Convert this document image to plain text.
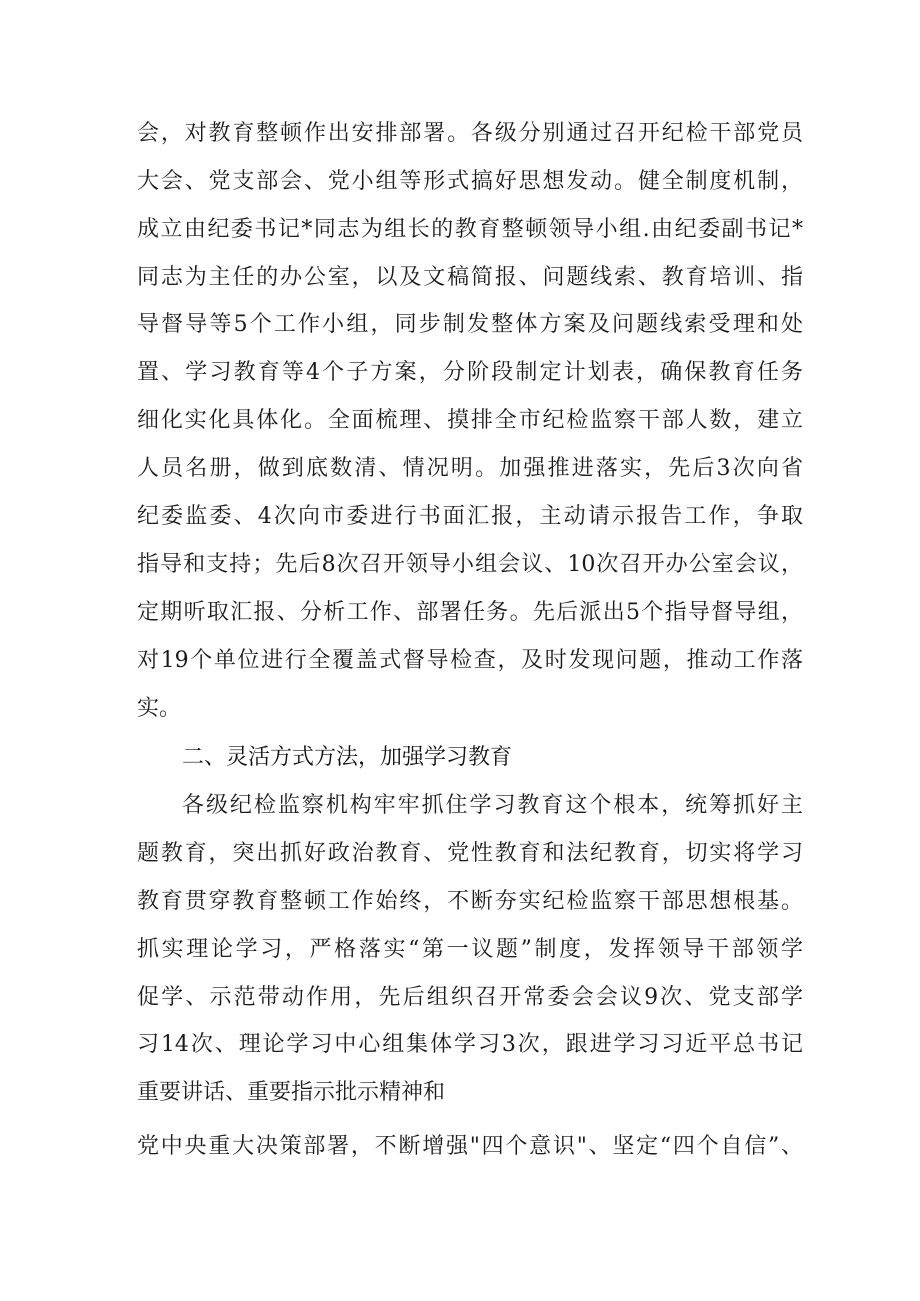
会，对教育整顿作出安排部署。各级分别通过召开纪检干部党员
大会、党支部会、党小组等形式搞好思想发动。健全制度机制，
成立由纪委书记*同志为组长的教育整顿领导小组.由纪委副书记*
同志为主任的办公室，以及文稿简报、问题线索、教育培训、指
导督导等5个工作小组，同步制发整体方案及问题线索受理和处
置、学习教育等4个子方案，分阶段制定计划表，确保教育任务
细化实化具体化。全面梳理、摸排全市纪检监察干部人数，建立
人员名册，做到底数清、情况明。加强推进落实，先后3次向省
纪委监委、4次向市委进行书面汇报，主动请示报告工作，争取
指导和支持；先后8次召开领导小组会议、10次召开办公室会议，
定期听取汇报、分析工作、部署任务。先后派出5个指导督导组，
对19个单位进行全覆盖式督导检查，及时发现问题，推动工作落
实。
二、灵活方式方法，加强学习教育
各级纪检监察机构牢牢抓住学习教育这个根本，统筹抓好主
题教育，突出抓好政治教育、党性教育和法纪教育，切实将学习
教育贯穿教育整顿工作始终，不断夯实纪检监察干部思想根基。
抓实理论学习，严格落实“第一议题”制度，发挥领导干部领学
促学、示范带动作用，先后组织召开常委会会议9次、党支部学
习14次、理论学习中心组集体学习3次，跟进学习习近平总书记
重要讲话、重要指示批示精神和
党中央重大决策部署，不断增强"四个意识"、坚定“四个自信”、
